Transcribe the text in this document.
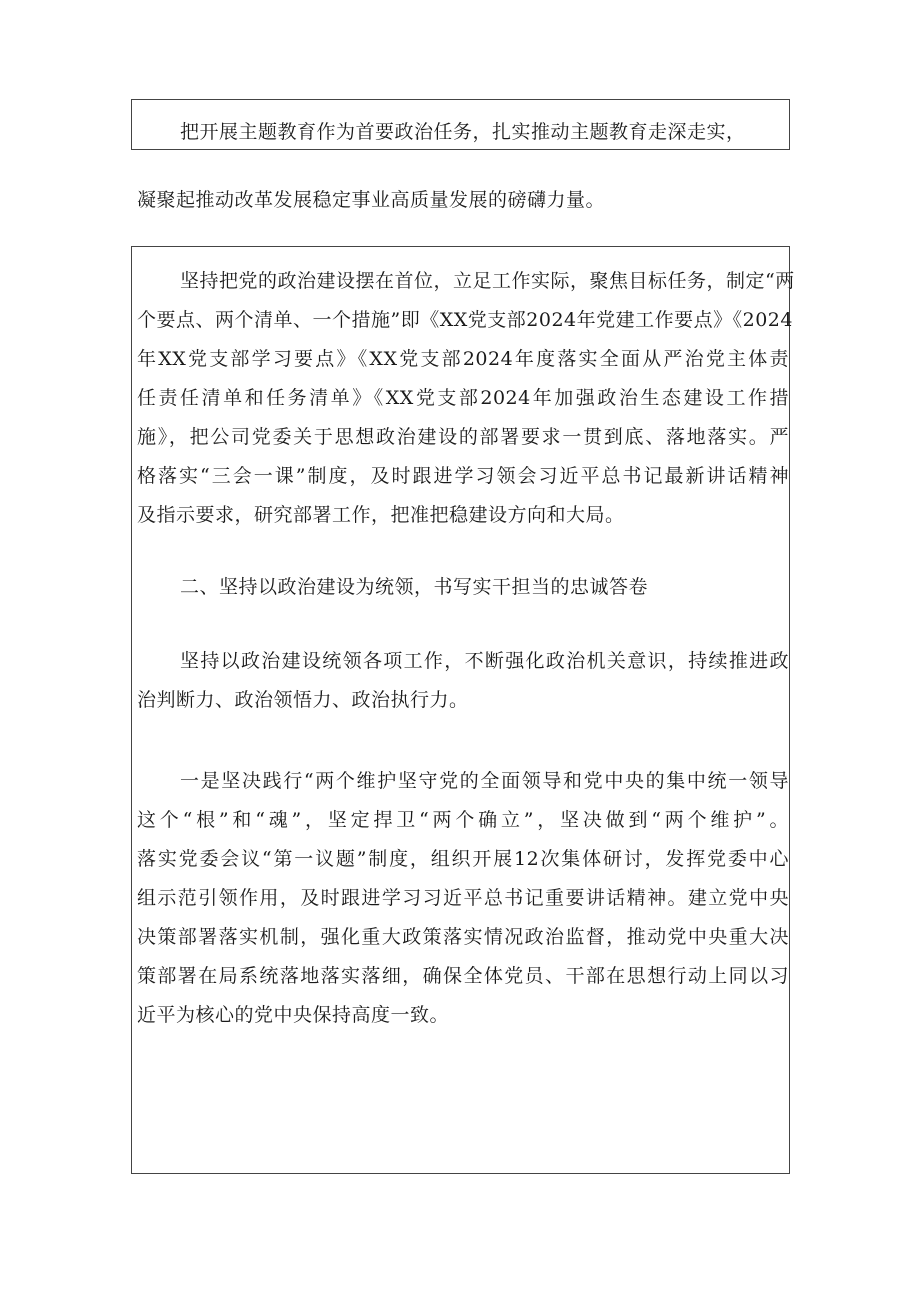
把开展主题教育作为首要政治任务，扎实推动主题教育走深走实，

凝聚起推动改革发展稳定事业高质量发展的磅礴力量。

坚持把党的政治建设摆在首位，立足工作实际，聚焦目标任务，制定“两

个要点、两个清单、一个措施”即《XX党支部2024年党建工作要点》《2024

年XX党支部学习要点》《XX党支部2024年度落实全面从严治党主体责

任责任清单和任务清单》《XX党支部2024年加强政治生态建设工作措

施》，把公司党委关于思想政治建设的部署要求一贯到底、落地落实。严

格落实“三会一课”制度，及时跟进学习领会习近平总书记最新讲话精神

及指示要求，研究部署工作，把准把稳建设方向和大局。

二、坚持以政治建设为统领，书写实干担当的忠诚答卷

坚持以政治建设统领各项工作，不断强化政治机关意识，持续推进政

治判断力、政治领悟力、政治执行力。

一是坚决践行“两个维护坚守党的全面领导和党中央的集中统一领导

这个“根”和“魂”，坚定捍卫“两个确立”，坚决做到“两个维护”。

落实党委会议“第一议题”制度，组织开展12次集体研讨，发挥党委中心

组示范引领作用，及时跟进学习习近平总书记重要讲话精神。建立党中央

决策部署落实机制，强化重大政策落实情况政治监督，推动党中央重大决

策部署在局系统落地落实落细，确保全体党员、干部在思想行动上同以习

近平为核心的党中央保持高度一致。
